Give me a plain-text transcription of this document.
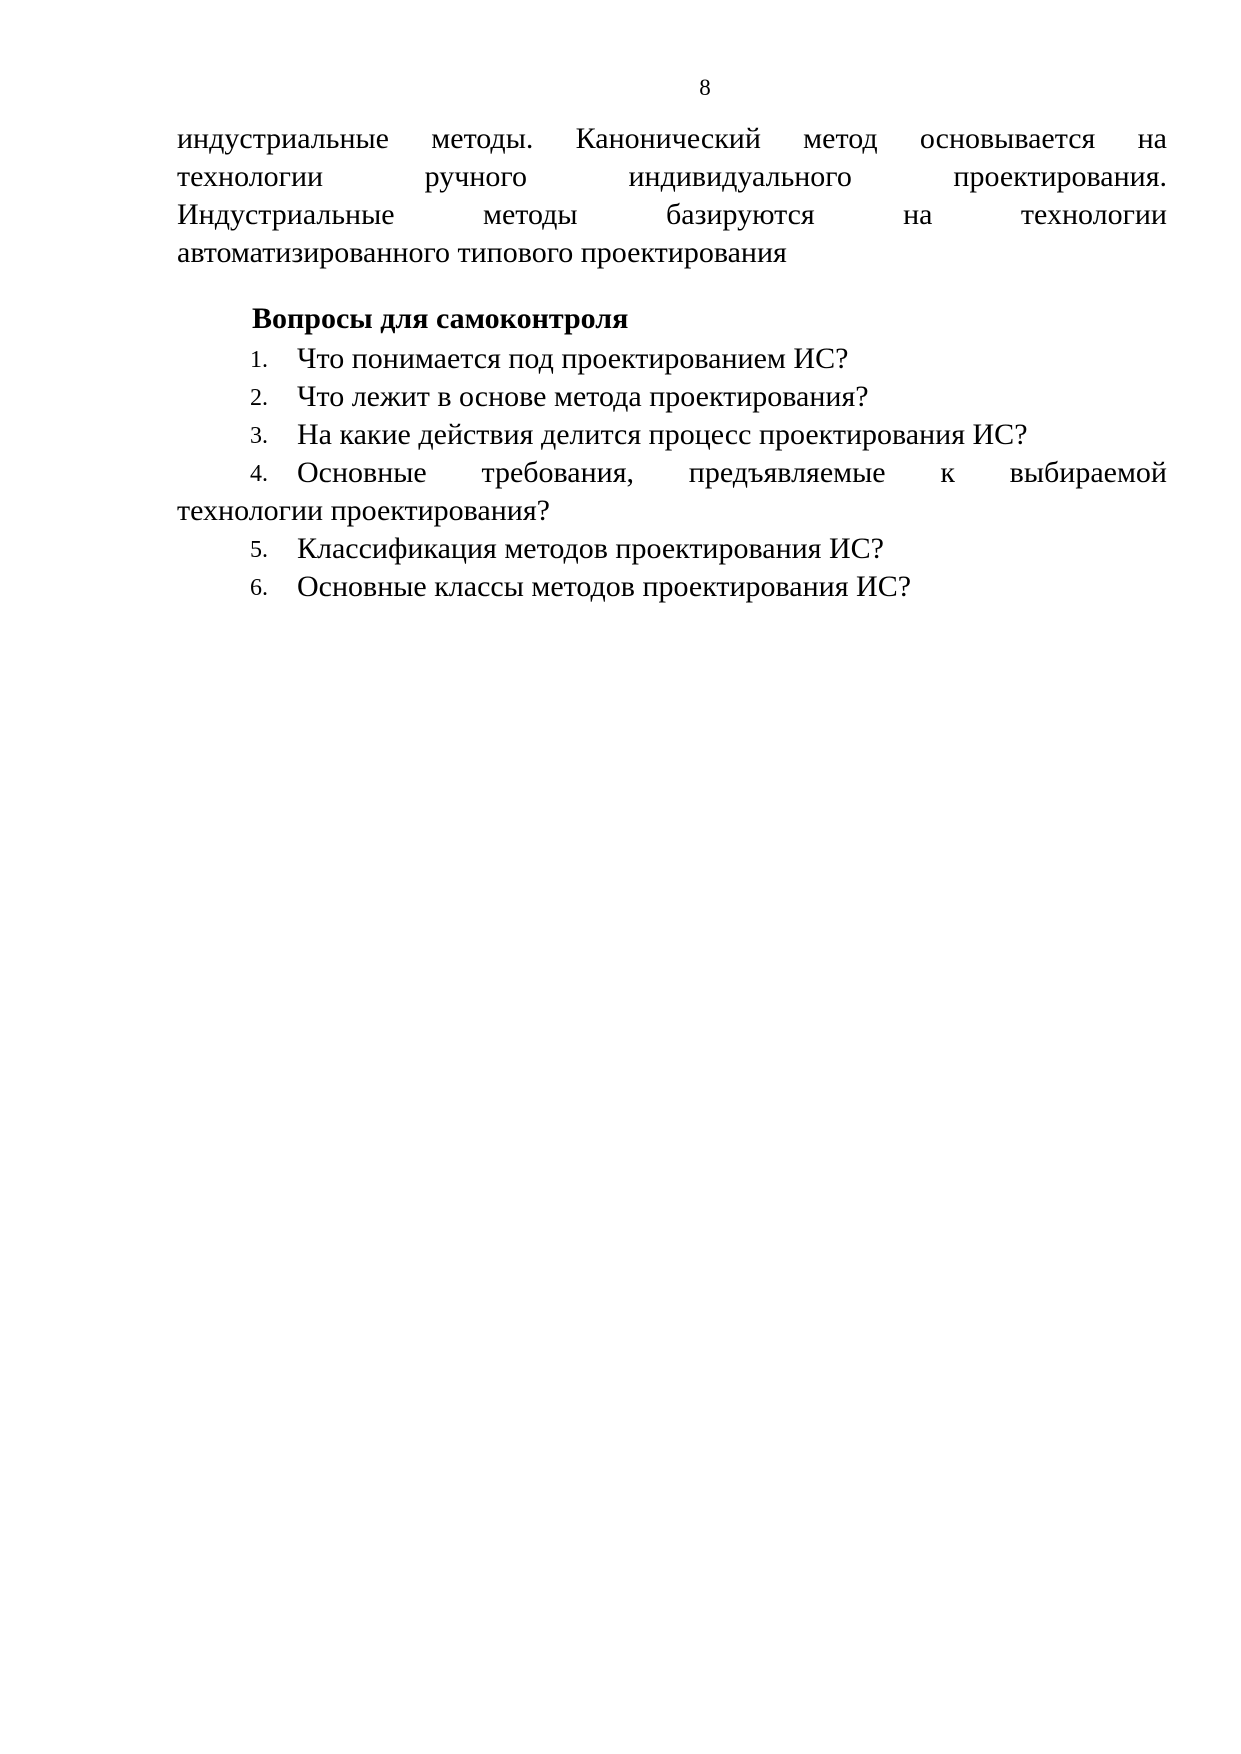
8
индустриальные методы. Канонический метод основывается на
технологии ручного индивидуального проектирования.
Индустриальные методы базируются на технологии
автоматизированного типового проектирования
Вопросы для самоконтроля
1. Что понимается под проектированием ИС?
2. Что лежит в основе метода проектирования?
3. На какие действия делится процесс проектирования ИС?
4. Основные требования, предъявляемые к выбираемой
технологии проектирования?
5. Классификация методов проектирования ИС?
6. Основные классы методов проектирования ИС?
